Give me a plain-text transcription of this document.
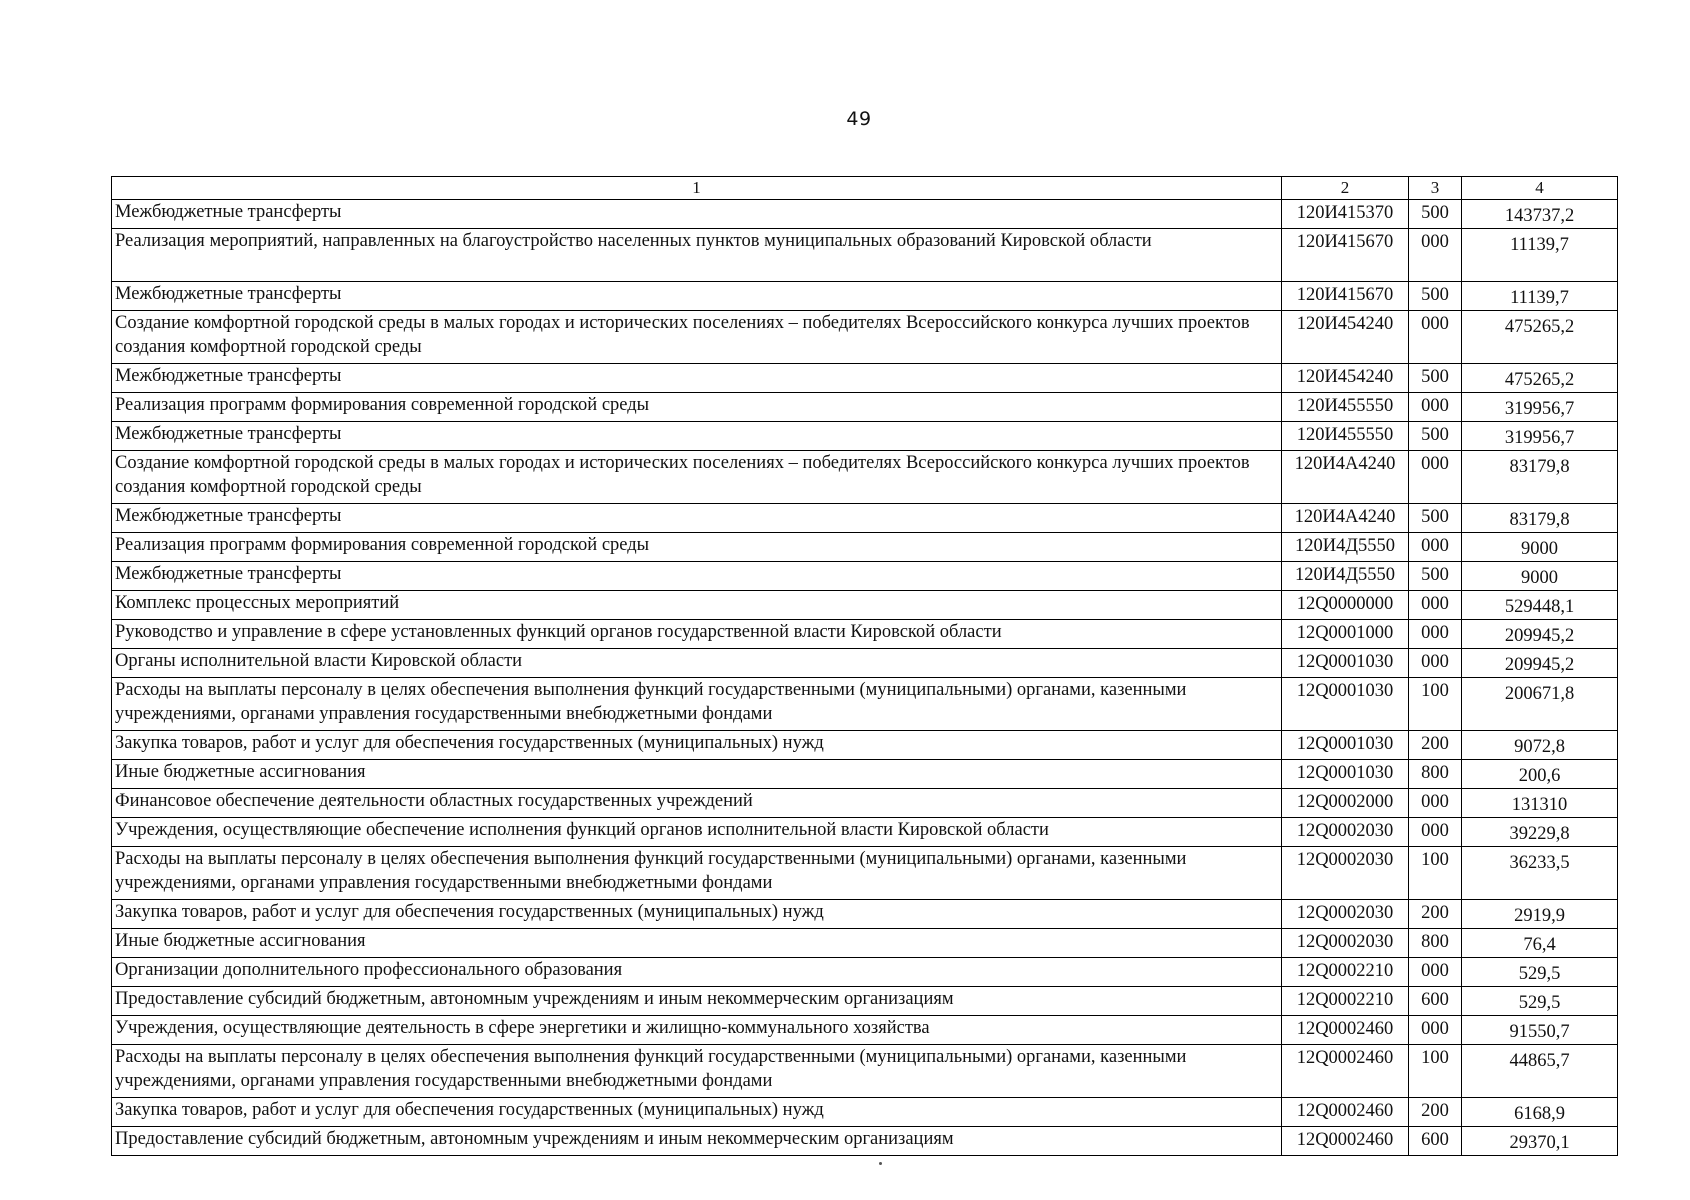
49
1	2	3	4
Межбюджетные трансферты	120И415370	500	143737,2
Реализация мероприятий, направленных на благоустройство населенных пунктов муниципальных образований Кировской области	120И415670	000	11139,7
Межбюджетные трансферты	120И415670	500	11139,7
Создание комфортной городской среды в малых городах и исторических поселениях – победителях Всероссийского конкурса лучших проектов создания комфортной городской среды	120И454240	000	475265,2
Межбюджетные трансферты	120И454240	500	475265,2
Реализация программ формирования современной городской среды	120И455550	000	319956,7
Межбюджетные трансферты	120И455550	500	319956,7
Создание комфортной городской среды в малых городах и исторических поселениях – победителях Всероссийского конкурса лучших проектов создания комфортной городской среды	120И4А4240	000	83179,8
Межбюджетные трансферты	120И4А4240	500	83179,8
Реализация программ формирования современной городской среды	120И4Д5550	000	9000
Межбюджетные трансферты	120И4Д5550	500	9000
Комплекс процессных мероприятий	12Q0000000	000	529448,1
Руководство и управление в сфере установленных функций органов государственной власти Кировской области	12Q0001000	000	209945,2
Органы исполнительной власти Кировской области	12Q0001030	000	209945,2
Расходы на выплаты персоналу в целях обеспечения выполнения функций государственными (муниципальными) органами, казенными учреждениями, органами управления государственными внебюджетными фондами	12Q0001030	100	200671,8
Закупка товаров, работ и услуг для обеспечения государственных (муниципальных) нужд	12Q0001030	200	9072,8
Иные бюджетные ассигнования	12Q0001030	800	200,6
Финансовое обеспечение деятельности областных государственных учреждений	12Q0002000	000	131310
Учреждения, осуществляющие обеспечение исполнения функций органов исполнительной власти Кировской области	12Q0002030	000	39229,8
Расходы на выплаты персоналу в целях обеспечения выполнения функций государственными (муниципальными) органами, казенными учреждениями, органами управления государственными внебюджетными фондами	12Q0002030	100	36233,5
Закупка товаров, работ и услуг для обеспечения государственных (муниципальных) нужд	12Q0002030	200	2919,9
Иные бюджетные ассигнования	12Q0002030	800	76,4
Организации дополнительного профессионального образования	12Q0002210	000	529,5
Предоставление субсидий бюджетным, автономным учреждениям и иным некоммерческим организациям	12Q0002210	600	529,5
Учреждения, осуществляющие деятельность в сфере энергетики и жилищно-коммунального хозяйства	12Q0002460	000	91550,7
Расходы на выплаты персоналу в целях обеспечения выполнения функций государственными (муниципальными) органами, казенными учреждениями, органами управления государственными внебюджетными фондами	12Q0002460	100	44865,7
Закупка товаров, работ и услуг для обеспечения государственных (муниципальных) нужд	12Q0002460	200	6168,9
Предоставление субсидий бюджетным, автономным учреждениям и иным некоммерческим организациям	12Q0002460	600	29370,1
